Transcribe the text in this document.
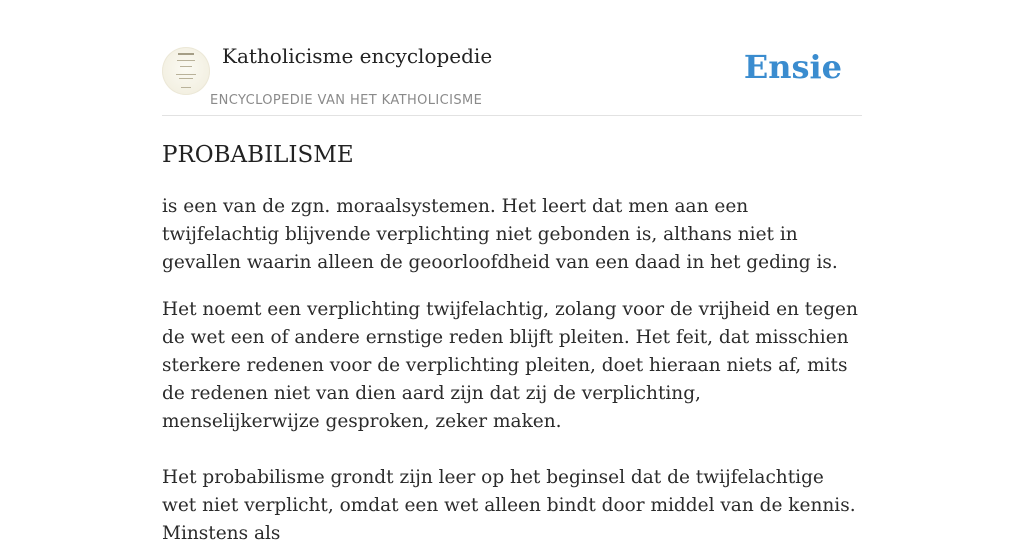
Katholicisme encyclopedie
ENCYCLOPEDIE VAN HET KATHOLICISME
Ensie
PROBABILISME

is een van de zgn. moraalsystemen. Het leert dat men aan een twijfelachtig blijvende verplichting niet gebonden is, althans niet in gevallen waarin alleen de geoorloofdheid van een daad in het geding is.

Het noemt een verplichting twijfelachtig, zolang voor de vrijheid en tegen de wet een of andere ernstige reden blijft pleiten. Het feit, dat misschien sterkere redenen voor de verplichting pleiten, doet hieraan niets af, mits de redenen niet van dien aard zijn dat zij de verplichting, menselijkerwijze gesproken, zeker maken.

Het probabilisme grondt zijn leer op het beginsel dat de twijfelachtige wet niet verplicht, omdat een wet alleen bindt door middel van de kennis. Minstens als
